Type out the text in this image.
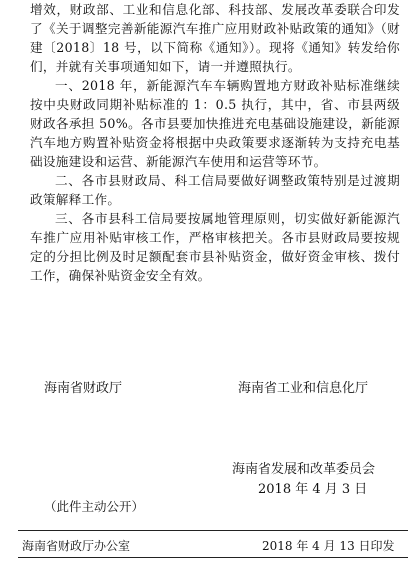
增效，财政部、工业和信息化部、科技部、发展改革委联合印发了《关于调整完善新能源汽车推广应用财政补贴政策的通知》（财建〔2018〕18 号，以下简称《通知》）。现将《通知》转发给你们，并就有关事项通知如下，请一并遵照执行。

一、2018 年，新能源汽车车辆购置地方财政补贴标准继续按中央财政同期补贴标准的 1：0.5 执行，其中，省、市县两级财政各承担 50%。各市县要加快推进充电基础设施建设，新能源汽车地方购置补贴资金将根据中央政策要求逐渐转为支持充电基础设施建设和运营、新能源汽车使用和运营等环节。

二、各市县财政局、科工信局要做好调整政策特别是过渡期政策解释工作。

三、各市县科工信局要按属地管理原则，切实做好新能源汽车推广应用补贴审核工作，严格审核把关。各市县财政局要按规定的分担比例及时足额配套市县补贴资金，做好资金审核、拨付工作，确保补贴资金安全有效。

海南省财政厅	海南省工业和信息化厅
海南省发展和改革委员会
2018 年 4 月 3 日
（此件主动公开）
海南省财政厅办公室	2018 年 4 月 13 日印发
